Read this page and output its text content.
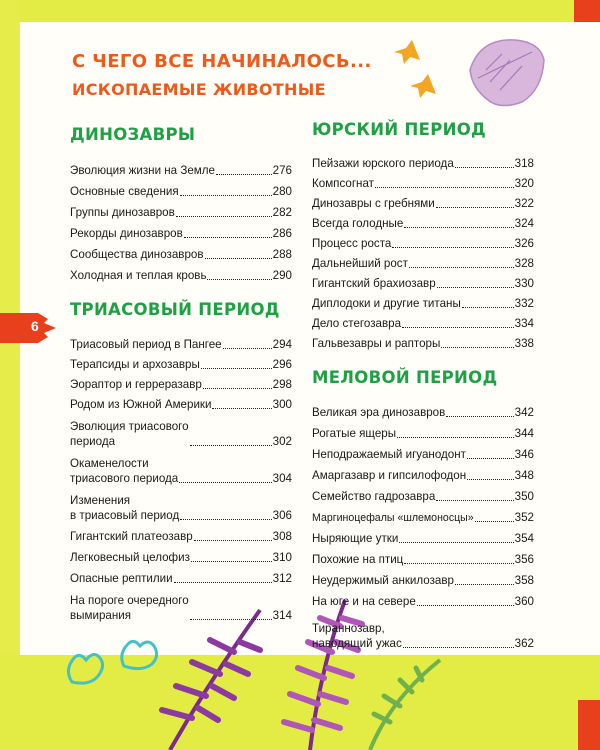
6
С ЧЕГО ВСЕ НАЧИНАЛОСЬ...
ИСКОПАЕМЫЕ ЖИВОТНЫЕ
ДИНОЗАВРЫ
Эволюция жизни на Земле	276
Основные сведения	280
Группы динозавров	282
Рекорды динозавров	286
Сообщества динозавров	288
Холодная и теплая кровь	290
ТРИАСОВЫЙ ПЕРИОД
Триасовый период в Пангее	294
Терапсиды и архозавры	296
Эораптор и герреразавр	298
Родом из Южной Америки	300
Эволюция триасового
периода	302
Окаменелости
триасового периода	304
Изменения
в триасовый период	306
Гигантский платеозавр	308
Легковесный целофиз	310
Опасные рептилии	312
На пороге очередного
вымирания	314
ЮРСКИЙ ПЕРИОД
Пейзажи юрского периода	318
Компсогнат	320
Динозавры с гребнями	322
Всегда голодные	324
Процесс роста	326
Дальнейший рост	328
Гигантский брахиозавр	330
Диплодоки и другие титаны	332
Дело стегозавра	334
Гальвезавры и рапторы	338
МЕЛОВОЙ ПЕРИОД
Великая эра динозавров	342
Рогатые ящеры	344
Неподражаемый игуанодонт	346
Амаргазавр и гипсилофодон	348
Семейство гадрозавра	350
Маргиноцефалы «шлемоносцы»	352
Ныряющие утки	354
Похожие на птиц	356
Неудержимый анкилозавр	358
На юге и на севере	360
Тираннозавр,
наводящий ужас	362
